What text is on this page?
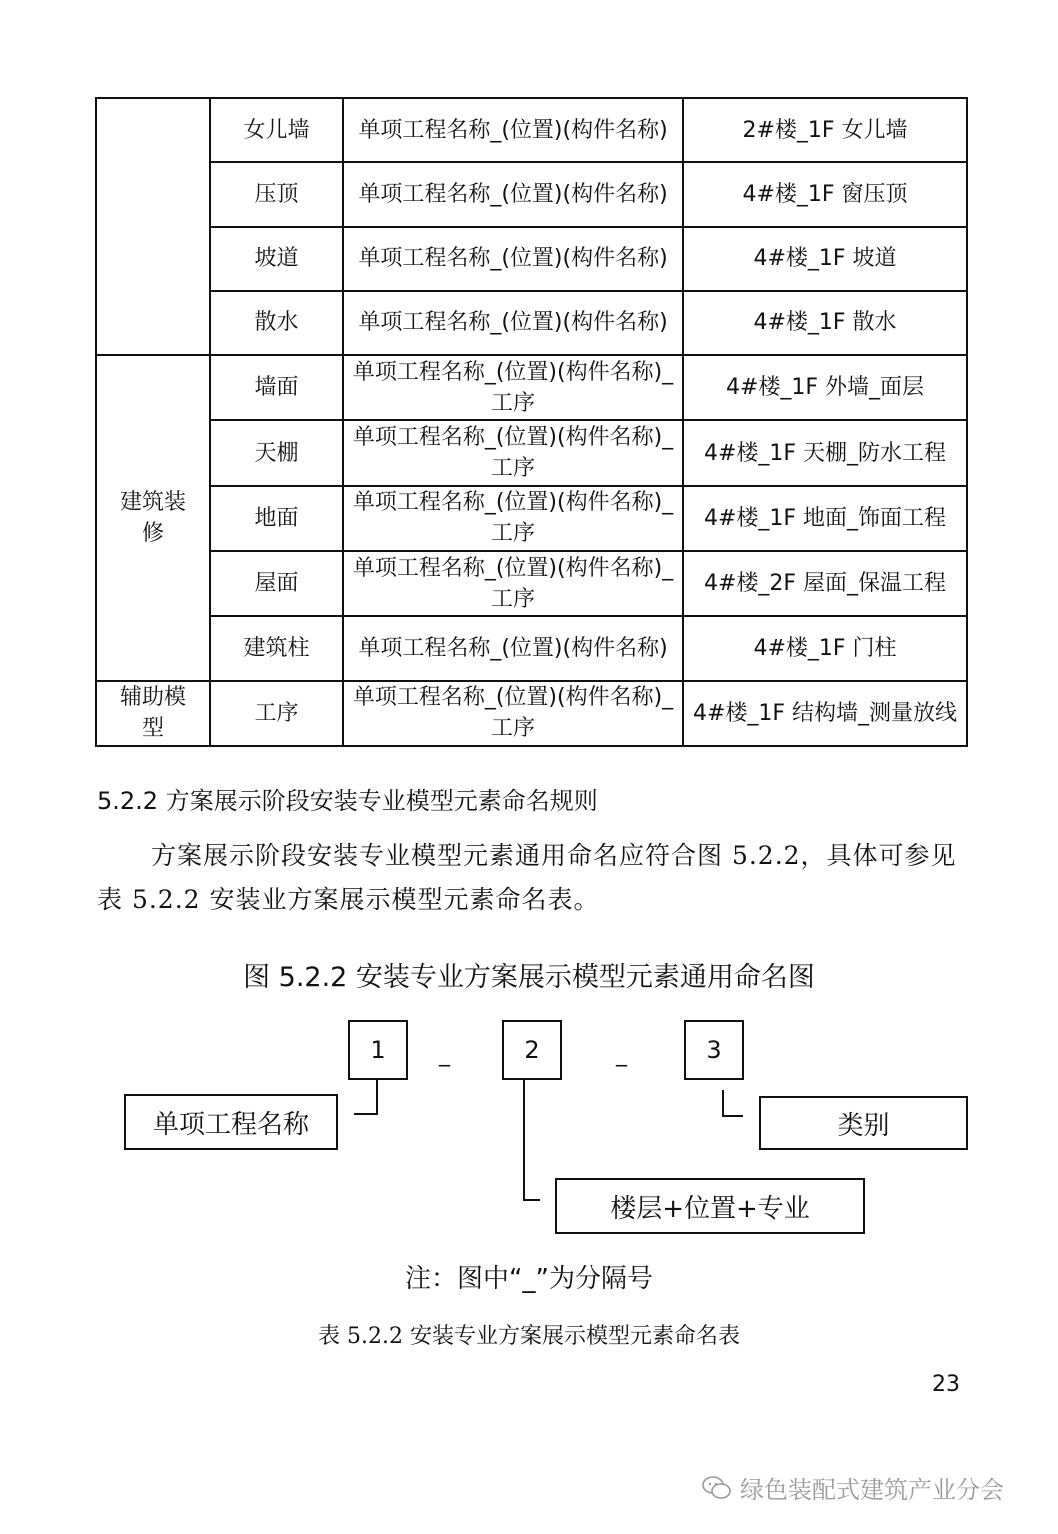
	女儿墙	单项工程名称_(位置)(构件名称)	2#楼_1F 女儿墙
	压顶	单项工程名称_(位置)(构件名称)	4#楼_1F 窗压顶
	坡道	单项工程名称_(位置)(构件名称)	4#楼_1F 坡道
	散水	单项工程名称_(位置)(构件名称)	4#楼_1F 散水
建筑装修	墙面	单项工程名称_(位置)(构件名称)_工序	4#楼_1F 外墙_面层
	天棚	单项工程名称_(位置)(构件名称)_工序	4#楼_1F 天棚_防水工程
	地面	单项工程名称_(位置)(构件名称)_工序	4#楼_1F 地面_饰面工程
	屋面	单项工程名称_(位置)(构件名称)_工序	4#楼_2F 屋面_保温工程
	建筑柱	单项工程名称_(位置)(构件名称)	4#楼_1F 门柱
辅助模型	工序	单项工程名称_(位置)(构件名称)_工序	4#楼_1F 结构墙_测量放线
5.2.2 方案展示阶段安装专业模型元素命名规则
方案展示阶段安装专业模型元素通用命名应符合图 5.2.2，具体可参见表 5.2.2 安装业方案展示模型元素命名表。
图 5.2.2 安装专业方案展示模型元素通用命名图
1	_	2	_	3
单项工程名称
楼层+位置+专业
类别
注：图中“_”为分隔号
表 5.2.2 安装专业方案展示模型元素命名表
23
绿色装配式建筑产业分会
